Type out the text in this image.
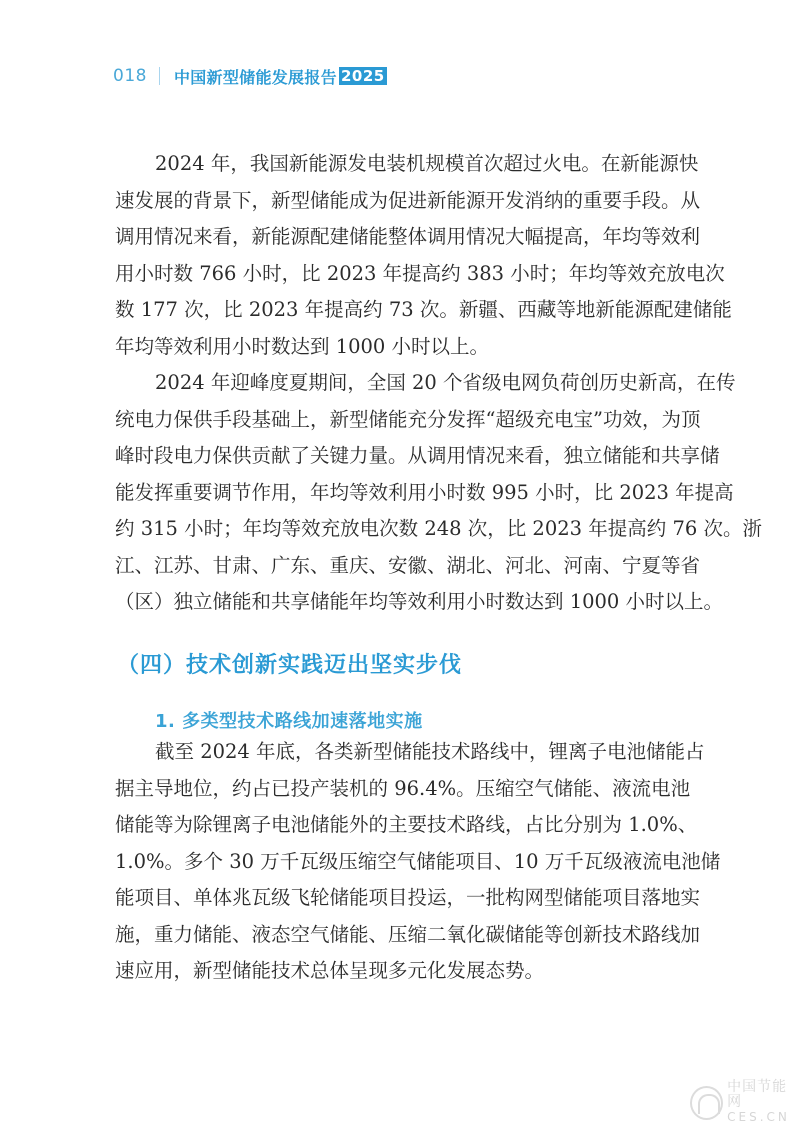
018 中国新型储能发展报告 2025
2024 年，我国新能源发电装机规模首次超过火电。在新能源快
速发展的背景下，新型储能成为促进新能源开发消纳的重要手段。从
调用情况来看，新能源配建储能整体调用情况大幅提高，年均等效利
用小时数 766 小时，比 2023 年提高约 383 小时；年均等效充放电次
数 177 次，比 2023 年提高约 73 次。新疆、西藏等地新能源配建储能
年均等效利用小时数达到 1000 小时以上。
2024 年迎峰度夏期间，全国 20 个省级电网负荷创历史新高，在传
统电力保供手段基础上，新型储能充分发挥“超级充电宝”功效，为顶
峰时段电力保供贡献了关键力量。从调用情况来看，独立储能和共享储
能发挥重要调节作用，年均等效利用小时数 995 小时，比 2023 年提高
约 315 小时；年均等效充放电次数 248 次，比 2023 年提高约 76 次。浙
江、江苏、甘肃、广东、重庆、安徽、湖北、河北、河南、宁夏等省
（区）独立储能和共享储能年均等效利用小时数达到 1000 小时以上。
（四）技术创新实践迈出坚实步伐
1. 多类型技术路线加速落地实施
截至 2024 年底，各类新型储能技术路线中，锂离子电池储能占
据主导地位，约占已投产装机的 96.4%。压缩空气储能、液流电池
储能等为除锂离子电池储能外的主要技术路线，占比分别为 1.0%、
1.0%。多个 30 万千瓦级压缩空气储能项目、10 万千瓦级液流电池储
能项目、单体兆瓦级飞轮储能项目投运，一批构网型储能项目落地实
施，重力储能、液态空气储能、压缩二氧化碳储能等创新技术路线加
速应用，新型储能技术总体呈现多元化发展态势。
中国节能网
CES.CN
